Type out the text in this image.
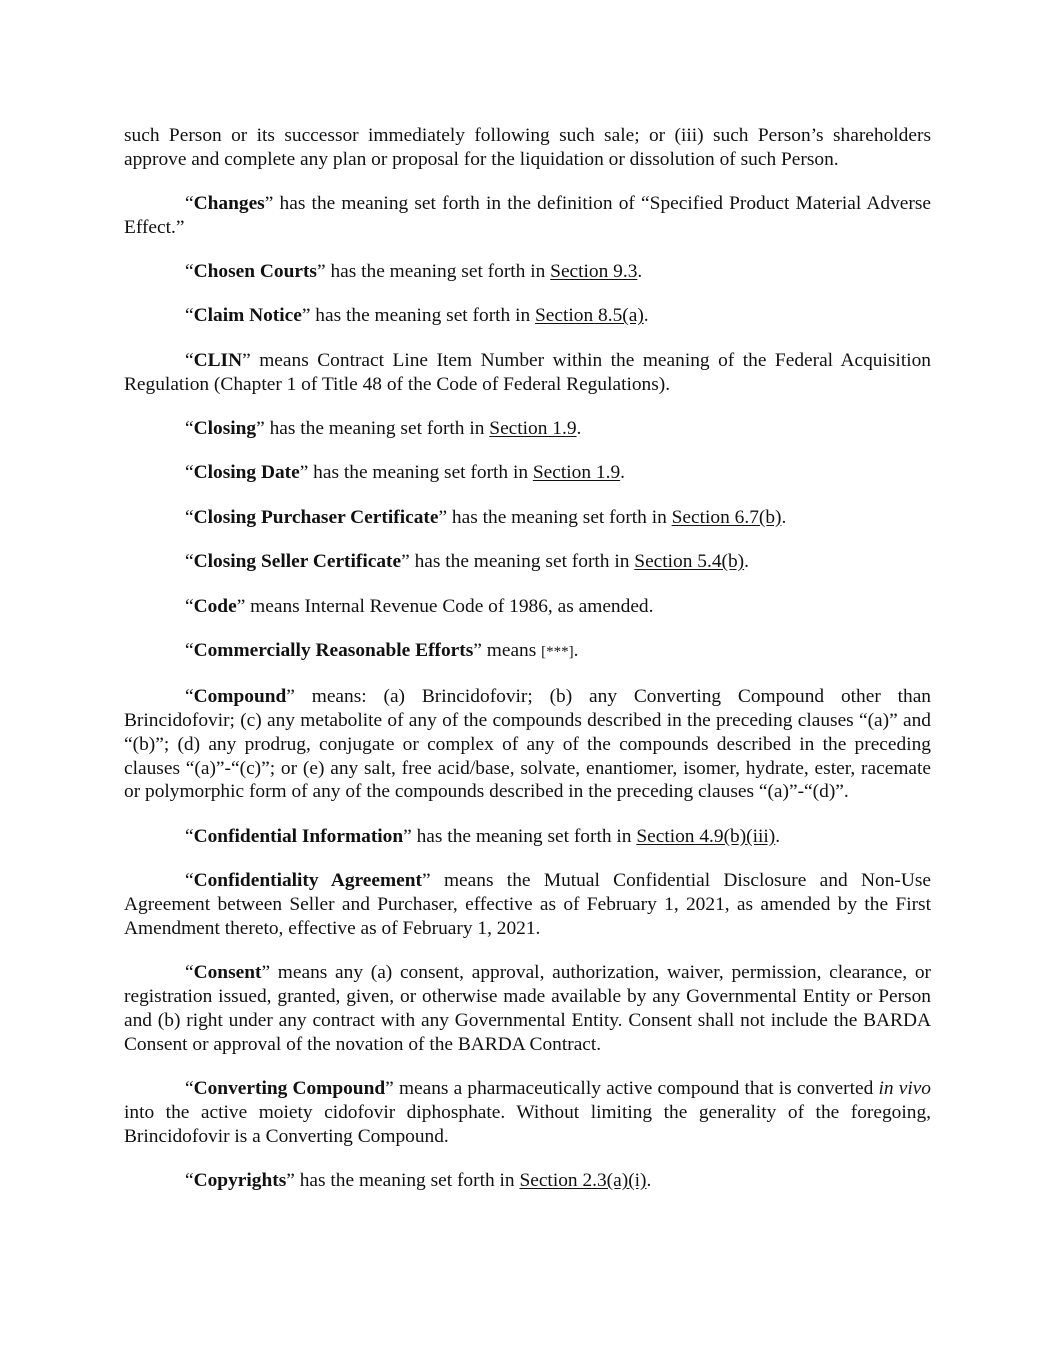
such Person or its successor immediately following such sale; or (iii) such Person’s shareholders approve and complete any plan or proposal for the liquidation or dissolution of such Person.

“Changes” has the meaning set forth in the definition of “Specified Product Material Adverse Effect.”

“Chosen Courts” has the meaning set forth in Section 9.3.

“Claim Notice” has the meaning set forth in Section 8.5(a).

“CLIN” means Contract Line Item Number within the meaning of the Federal Acquisition Regulation (Chapter 1 of Title 48 of the Code of Federal Regulations).

“Closing” has the meaning set forth in Section 1.9.

“Closing Date” has the meaning set forth in Section 1.9.

“Closing Purchaser Certificate” has the meaning set forth in Section 6.7(b).

“Closing Seller Certificate” has the meaning set forth in Section 5.4(b).

“Code” means Internal Revenue Code of 1986, as amended.

“Commercially Reasonable Efforts” means [***].

“Compound” means: (a) Brincidofovir; (b) any Converting Compound other than Brincidofovir; (c) any metabolite of any of the compounds described in the preceding clauses “(a)” and “(b)”; (d) any prodrug, conjugate or complex of any of the compounds described in the preceding clauses “(a)”-“(c)”; or (e) any salt, free acid/base, solvate, enantiomer, isomer, hydrate, ester, racemate or polymorphic form of any of the compounds described in the preceding clauses “(a)”-“(d)”.

“Confidential Information” has the meaning set forth in Section 4.9(b)(iii).

“Confidentiality Agreement” means the Mutual Confidential Disclosure and Non-Use Agreement between Seller and Purchaser, effective as of February 1, 2021, as amended by the First Amendment thereto, effective as of February 1, 2021.

“Consent” means any (a) consent, approval, authorization, waiver, permission, clearance, or registration issued, granted, given, or otherwise made available by any Governmental Entity or Person and (b) right under any contract with any Governmental Entity. Consent shall not include the BARDA Consent or approval of the novation of the BARDA Contract.

“Converting Compound” means a pharmaceutically active compound that is converted in vivo into the active moiety cidofovir diphosphate. Without limiting the generality of the foregoing, Brincidofovir is a Converting Compound.

“Copyrights” has the meaning set forth in Section 2.3(a)(i).
